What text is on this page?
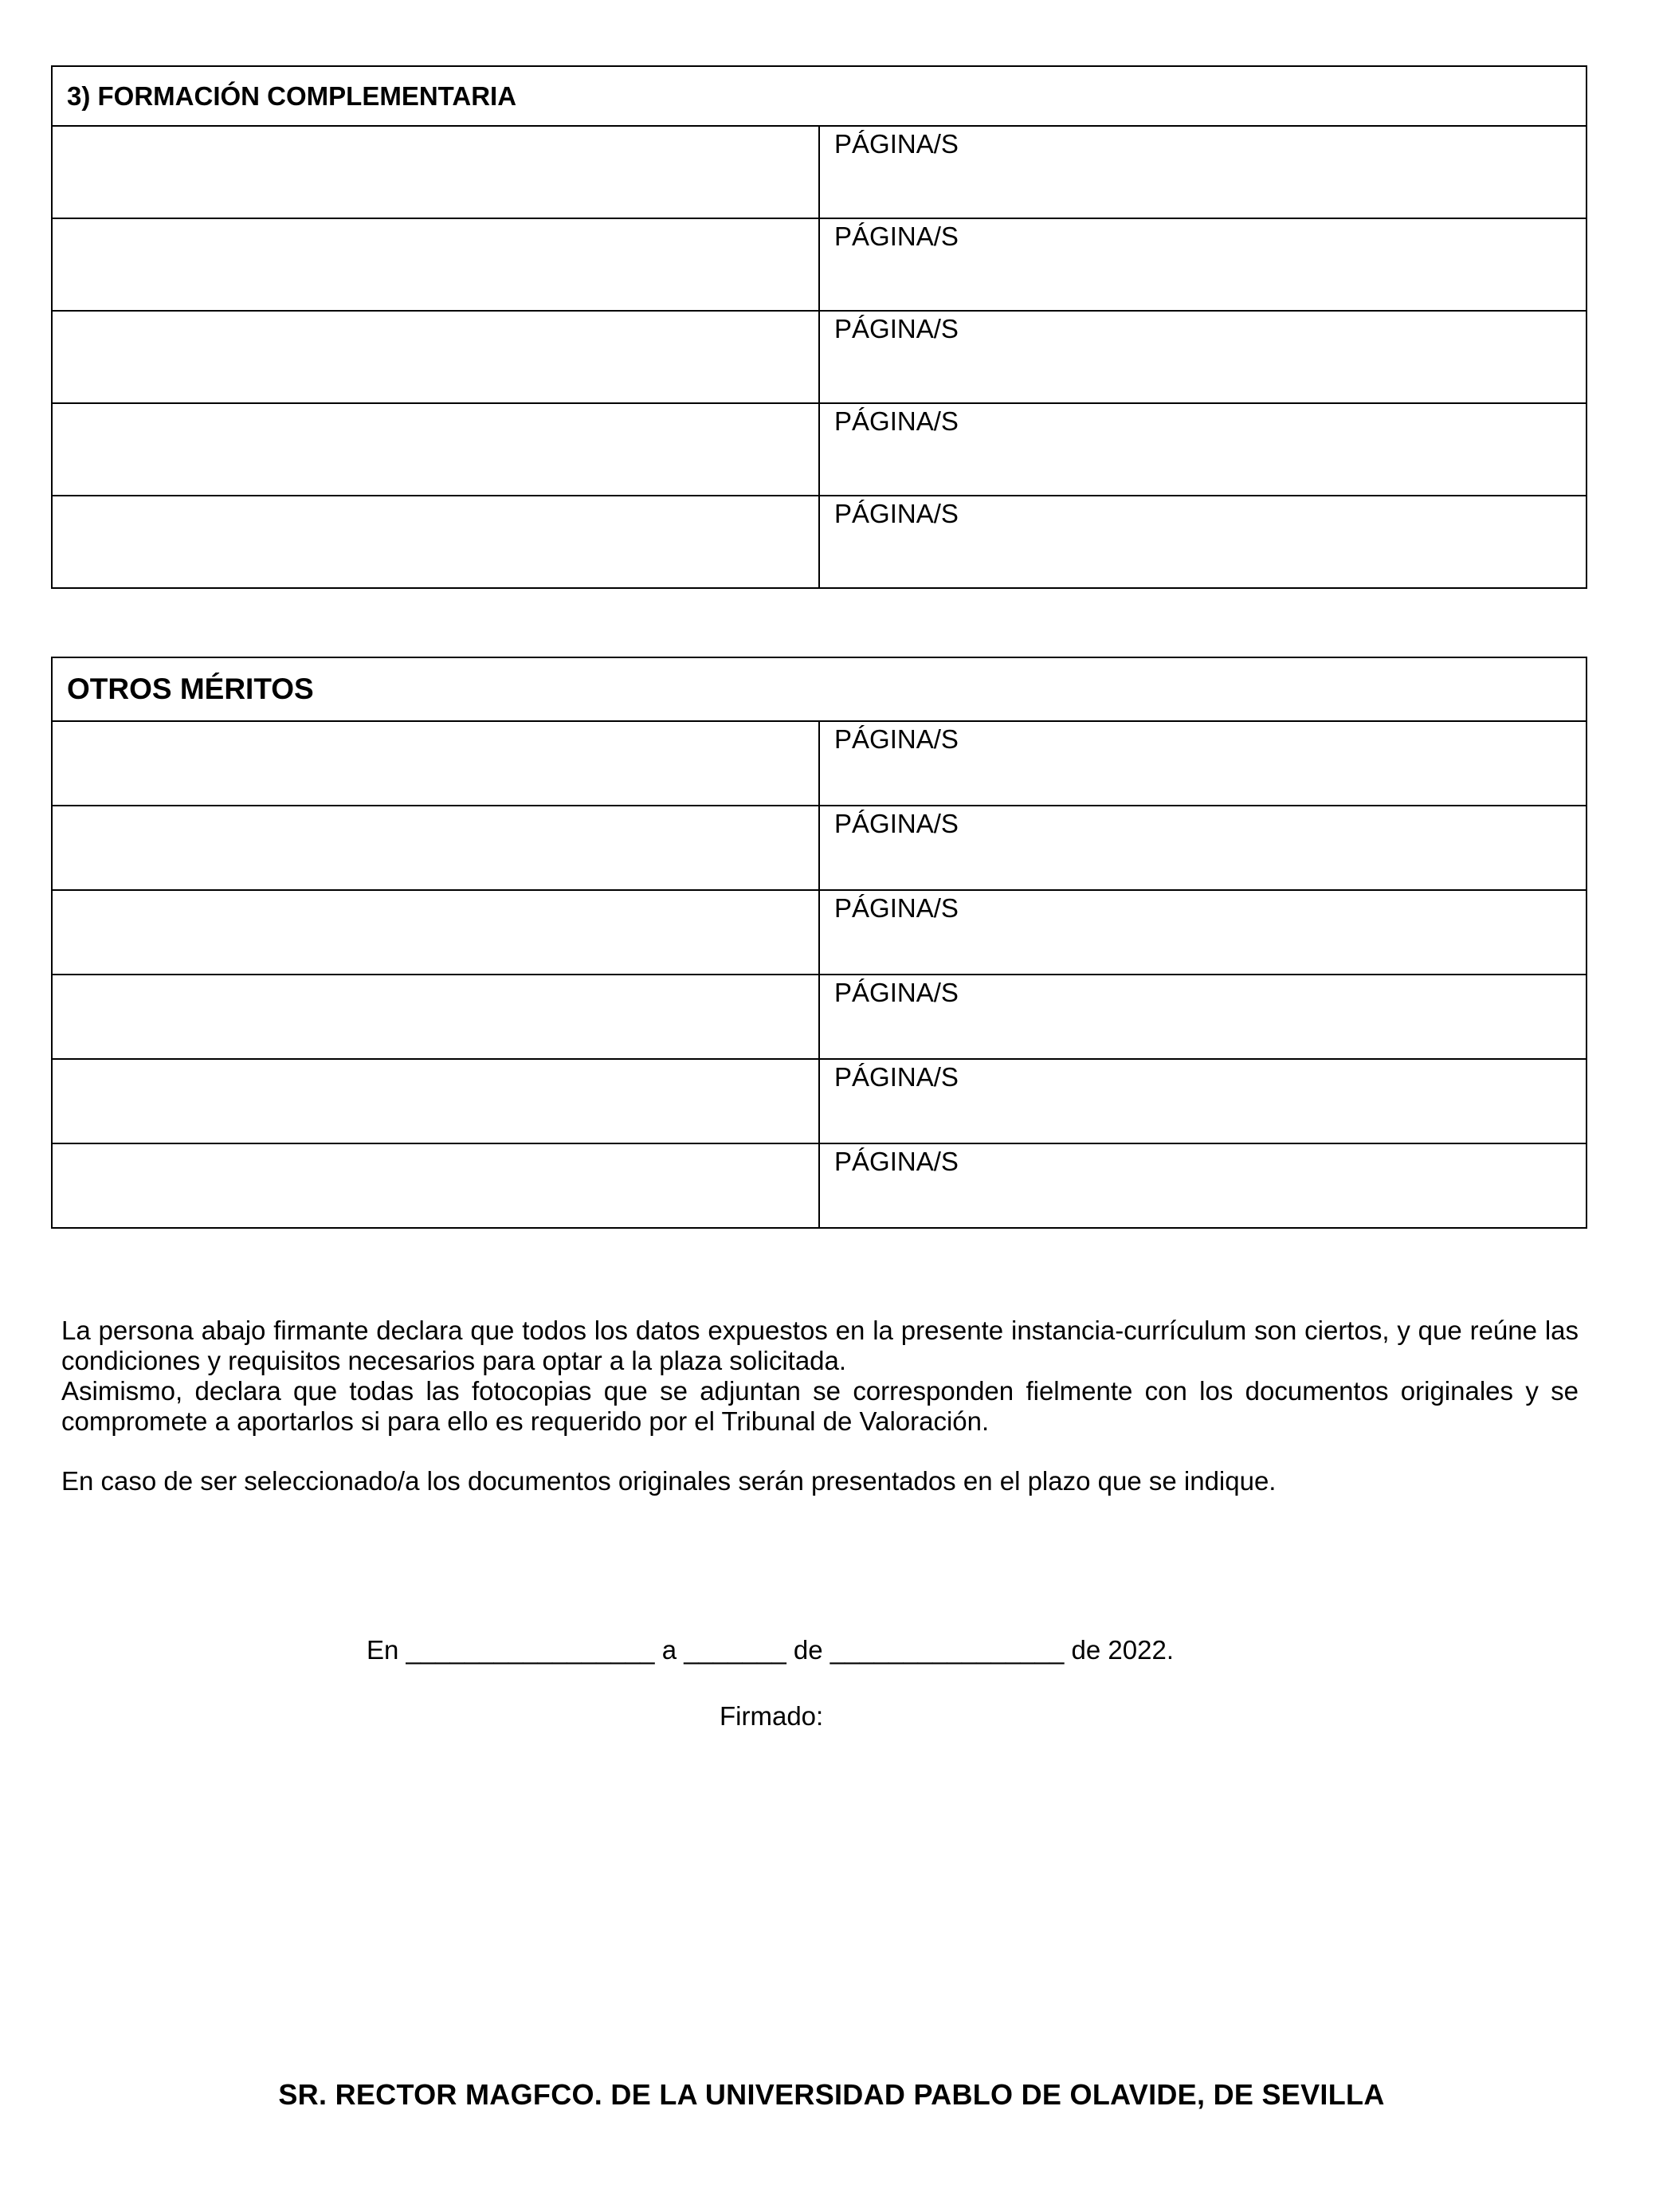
3) FORMACIÓN COMPLEMENTARIA	
	PÁGINA/S
	PÁGINA/S
	PÁGINA/S
	PÁGINA/S
	PÁGINA/S
OTROS MÉRITOS	
	PÁGINA/S
	PÁGINA/S
	PÁGINA/S
	PÁGINA/S
	PÁGINA/S
	PÁGINA/S

La persona abajo firmante declara que todos los datos expuestos en la presente instancia-currículum son ciertos, y que reúne las condiciones y requisitos necesarios para optar a la plaza solicitada.

Asimismo, declara que todas las fotocopias que se adjuntan se corresponden fielmente con los documentos originales y se compromete a aportarlos si para ello es requerido por el Tribunal de Valoración.

En caso de ser seleccionado/a los documentos originales serán presentados en el plazo que se indique.

En _________________ a _______ de ________________ de 2022.
Firmado:
SR. RECTOR MAGFCO. DE LA UNIVERSIDAD PABLO DE OLAVIDE, DE SEVILLA
